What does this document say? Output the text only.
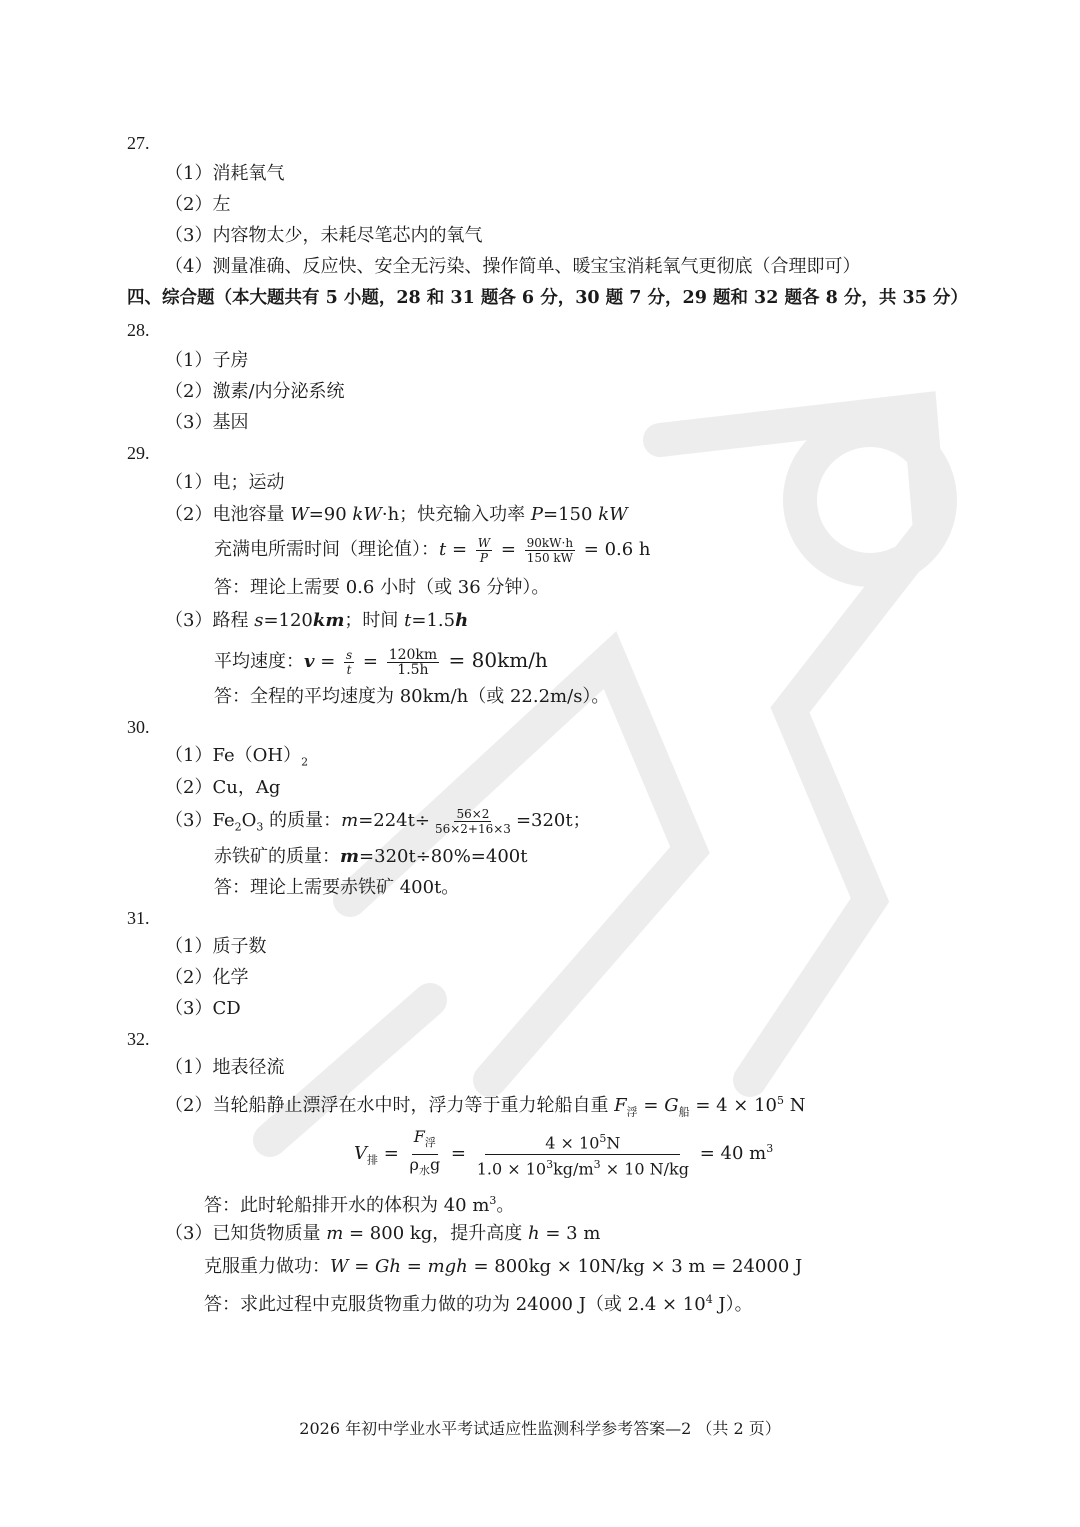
27.
（1）消耗氧气
（2）左
（3）内容物太少，未耗尽笔芯内的氧气
（4）测量准确、反应快、安全无污染、操作简单、暖宝宝消耗氧气更彻底（合理即可）
四、综合题（本大题共有 5 小题，28 和 31 题各 6 分，30 题 7 分，29 题和 32 题各 8 分，共 35 分）
28.
（1）子房
（2）激素/内分泌系统
（3）基因
29.
（1）电；运动
（2）电池容量 W=90 kW·h；快充输入功率 P=150 kW
充满电所需时间（理论值）：$t = \frac{W}{P} = \frac{90kW\cdot h}{150 kW} = 0.6$ h
答：理论上需要 0.6 小时（或 36 分钟）。
（3）路程 s=120km；时间 t=1.5h
平均速度：$v = \frac{s}{t} = \frac{120km}{1.5h} = 80km/h$
答：全程的平均速度为 80km/h（或 22.2m/s）。
30.
$(1)Fe(OH)_2$
（2）Cu，Ag
$(3)Fe_2O_3$ 的质量：$m=224t\div \frac{56\times 2}{56\times 2+16\times 3} =320t$；
赤铁矿的质量：m=320t÷80%=400t
答：理论上需要赤铁矿 400t。
31.
（1）质子数
（2）化学
（3）CD
32.
（1）地表径流
（2）当轮船静止漂浮在水中时，浮力等于重力轮船自重 $F_浮 = G_船 = 4 \times 10^5$ N
$V_排 = \frac{F_浮}{\rho_水g} = \frac{4 \times 10^5N}{1.0 \times 10^3kg/m^3 \times 10 N/kg} = 40$ $m^3$
答：此时轮船排开水的体积为 40 $m^3$。
（3）已知货物质量 m = 800 kg，提升高度 h = 3 m
克服重力做功：W = Gh = mgh = 800kg × 10N/kg × 3 m = 24000 J
答：求此过程中克服货物重力做的功为 24000 J（或 $2.4 \times 10^4$ J）。
2026 年初中学业水平考试适应性监测科学参考答案—2 （共 2 页）
